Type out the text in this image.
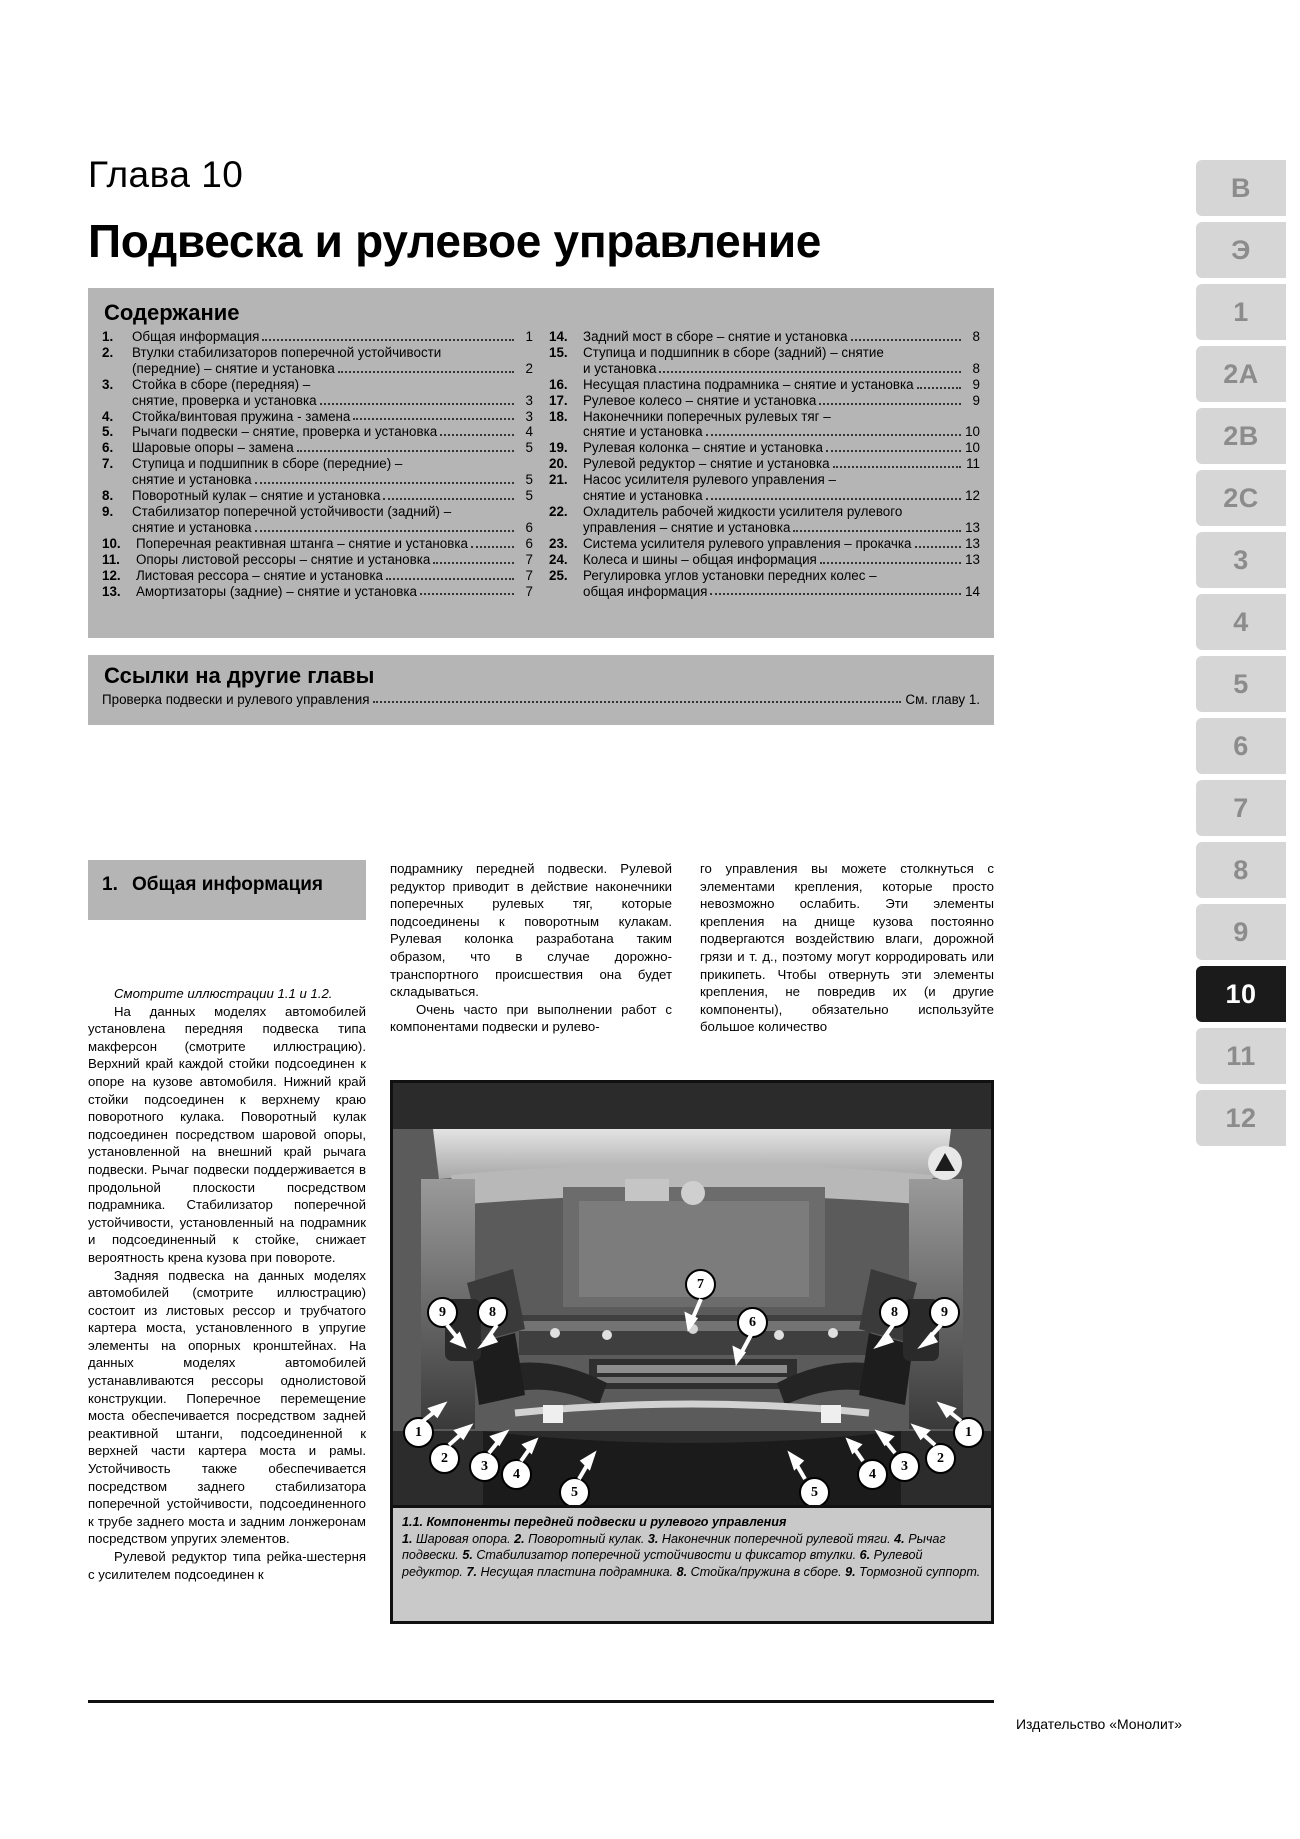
В
Э
1
2А
2В
2С
3
4
5
6
7
8
9
10
11
12
Глава 10
Подвеска и рулевое управление
Содержание
1.	Общая информация	1
2.	Втулки стабилизаторов поперечной устойчивости
(передние) – снятие и установка	2
3.	Стойка в сборе (передняя) –
снятие, проверка и установка	3
4.	Стойка/винтовая пружина - замена	3
5.	Рычаги подвески – снятие, проверка и установка	4
6.	Шаровые опоры – замена	5
7.	Ступица и подшипник в сборе (передние) –
снятие и установка	5
8.	Поворотный кулак – снятие и установка	5
9.	Стабилизатор поперечной устойчивости (задний) –
снятие и установка	6
10.	Поперечная реактивная штанга – снятие и установка	6
11.	Опоры листовой рессоры – снятие и установка	7
12.	Листовая рессора – снятие и установка	7
13.	Амортизаторы (задние) – снятие и установка	7
14.	Задний мост в сборе – снятие и установка	8
15.	Ступица и подшипник в сборе (задний) – снятие
и установка	8
16.	Несущая пластина подрамника – снятие и установка	9
17.	Рулевое колесо – снятие и установка	9
18.	Наконечники поперечных рулевых тяг –
снятие и установка	10
19.	Рулевая колонка – снятие и установка	10
20.	Рулевой редуктор – снятие и установка	11
21.	Насос усилителя рулевого управления –
снятие и установка	12
22.	Охладитель рабочей жидкости усилителя рулевого
управления – снятие и установка	13
23.	Система усилителя рулевого управления – прокачка	13
24.	Колеса и шины – общая информация	13
25.	Регулировка углов установки передних колес –
общая информация	14
Ссылки на другие главы
Проверка подвески и рулевого управления	См. главу 1.
1. Общая информация

Смотрите иллюстрации 1.1 и 1.2.

На данных моделях автомобилей установлена передняя подвеска типа макферсон (смотрите иллюстрацию). Верхний край каждой стойки подсоединен к опоре на кузове автомобиля. Нижний край стойки подсоединен к верхнему краю поворотного кулака. Поворотный кулак подсоединен посредством шаровой опоры, установленной на внешний край рычага подвески. Рычаг подвески поддерживается в продольной плоскости посредством подрамника. Стабилизатор поперечной устойчивости, установленный на подрамник и подсоединенный к стойке, снижает вероятность крена кузова при повороте.

Задняя подвеска на данных моделях автомобилей (смотрите иллюстрацию) состоит из листовых рессор и трубчатого картера моста, установленного в упругие элементы на опорных кронштейнах. На данных моделях автомобилей устанавливаются рессоры однолистовой конструкции. Поперечное перемещение моста обеспечивается посредством задней реактивной штанги, подсоединенной к верхней части картера моста и рамы. Устойчивость также обеспечивается посредством заднего стабилизатора поперечной устойчивости, подсоединенного к трубе заднего моста и задним лонжеронам посредством упругих элементов.

Рулевой редуктор типа рейка-шестерня с усилителем подсоединен к

подрамнику передней подвески. Рулевой редуктор приводит в действие наконечники поперечных рулевых тяг, которые подсоединены к поворотным кулакам. Рулевая колонка разработана таким образом, что в случае дорожно-транспортного происшествия она будет складываться.

Очень часто при выполнении работ с компонентами подвески и рулево-

го управления вы можете столкнуться с элементами крепления, которые просто невозможно ослабить. Эти элементы крепления на днище кузова постоянно подвергаются воздействию влаги, дорожной грязи и т. д., поэтому могут корродировать или прикипеть. Чтобы отвернуть эти элементы крепления, не повредив их (и другие компоненты), обязательно используйте большое количество

9	8
1
2
3
4
5
7
6
8	9
1
2
3
4
5
1.1. Компоненты передней подвески и рулевого управления
1. Шаровая опора. 2. Поворотный кулак. 3. Наконечник поперечной рулевой тяги. 4. Рычаг подвески. 5. Стабилизатор поперечной устойчивости и фиксатор втулки. 6. Рулевой редуктор. 7. Несущая пластина подрамника. 8. Стойка/пружина в сборе. 9. Тормозной суппорт.
Издательство «Монолит»
